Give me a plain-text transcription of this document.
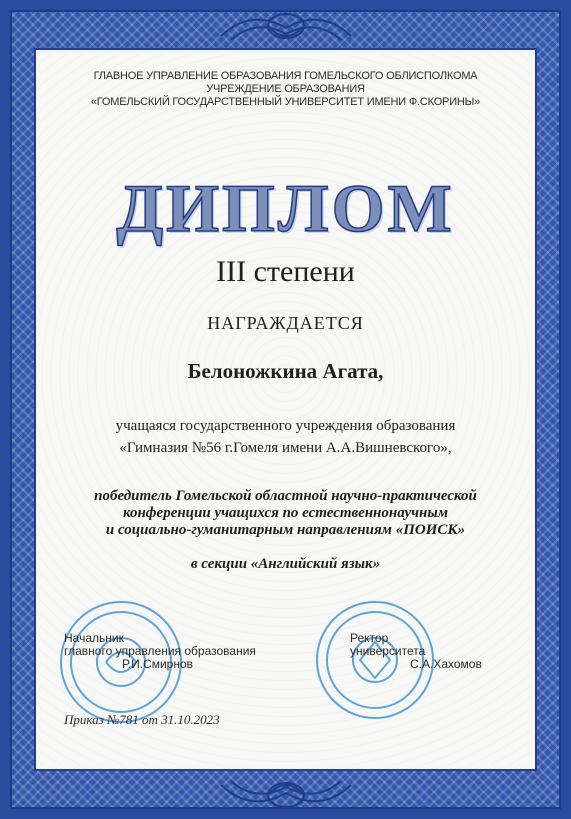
ГЛАВНОЕ УПРАВЛЕНИЕ ОБРАЗОВАНИЯ ГОМЕЛЬСКОГО ОБЛИСПОЛКОМА
УЧРЕЖДЕНИЕ ОБРАЗОВАНИЯ
«ГОМЕЛЬСКИЙ ГОСУДАРСТВЕННЫЙ УНИВЕРСИТЕТ ИМЕНИ Ф.СКОРИНЫ»
ДИПЛОМ
III степени
НАГРАЖДАЕТСЯ
Белоножкина Агата,
учащаяся государственного учреждения образования
«Гимназия №56 г.Гомеля имени А.А.Вишневского»,
победитель Гомельской областной научно-практической
конференции учащихся по естественнонаучным
и социально-гуманитарным направлениям «ПОИСК»
в секции «Английский язык»
Начальник
главного управления образования
Р.И.Смирнов
Ректор
университета
С.А.Хахомов
Приказ №781 от 31.10.2023
